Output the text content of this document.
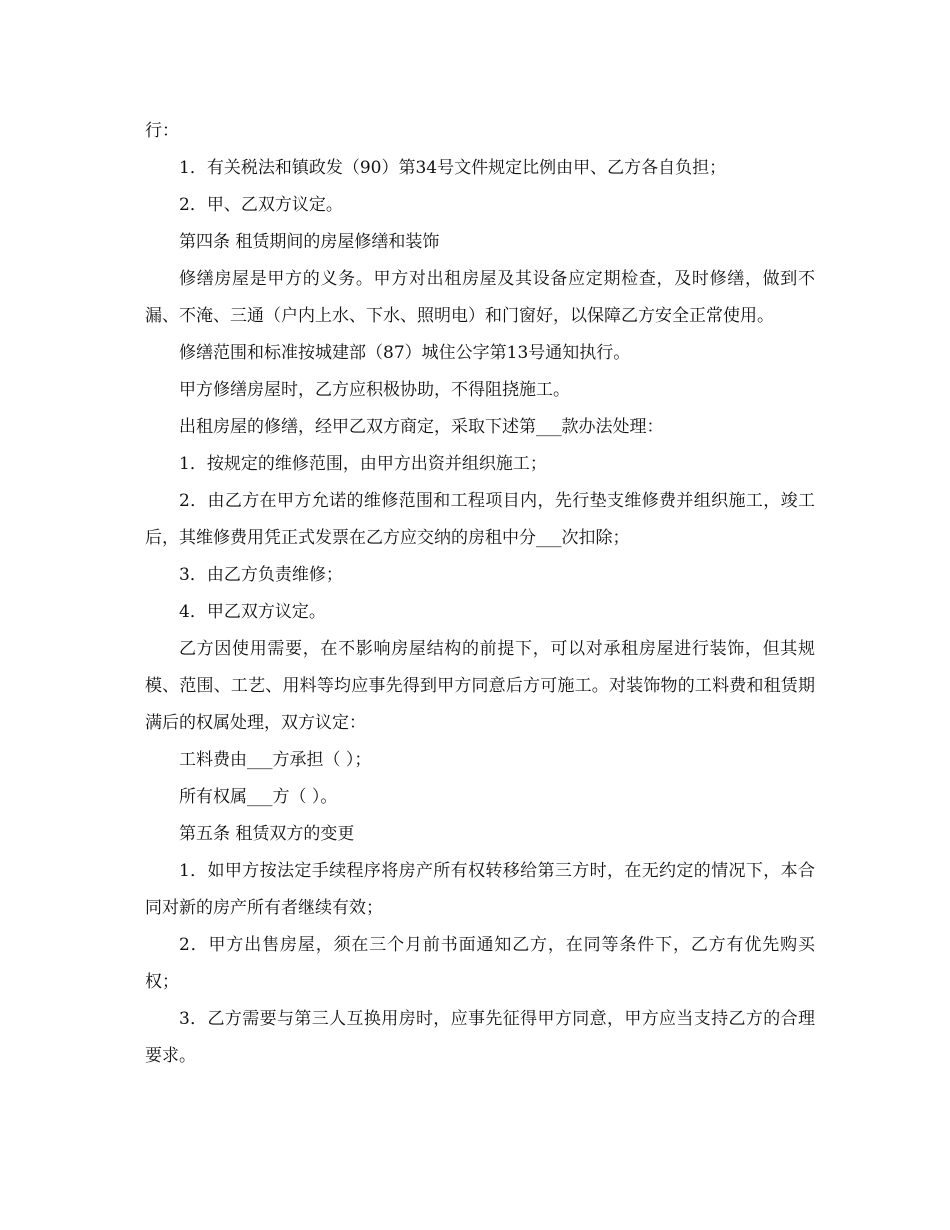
行：

1．有关税法和镇政发（90）第34号文件规定比例由甲、乙方各自负担；

2．甲、乙双方议定。

第四条 租赁期间的房屋修缮和装饰

修缮房屋是甲方的义务。甲方对出租房屋及其设备应定期检查，及时修缮，做到不漏、不淹、三通（户内上水、下水、照明电）和门窗好，以保障乙方安全正常使用。

修缮范围和标准按城建部（87）城住公字第13号通知执行。

甲方修缮房屋时，乙方应积极协助，不得阻挠施工。

出租房屋的修缮，经甲乙双方商定，采取下述第___款办法处理：

1．按规定的维修范围，由甲方出资并组织施工；

2．由乙方在甲方允诺的维修范围和工程项目内，先行垫支维修费并组织施工，竣工后，其维修费用凭正式发票在乙方应交纳的房租中分___次扣除；

3．由乙方负责维修；

4．甲乙双方议定。

乙方因使用需要，在不影响房屋结构的前提下，可以对承租房屋进行装饰，但其规模、范围、工艺、用料等均应事先得到甲方同意后方可施工。对装饰物的工料费和租赁期满后的权属处理，双方议定：

工料费由___方承担（ ）；

所有权属___方（ ）。

第五条 租赁双方的变更

1．如甲方按法定手续程序将房产所有权转移给第三方时，在无约定的情况下，本合同对新的房产所有者继续有效；

2．甲方出售房屋，须在三个月前书面通知乙方，在同等条件下，乙方有优先购买权；

3．乙方需要与第三人互换用房时，应事先征得甲方同意，甲方应当支持乙方的合理要求。
